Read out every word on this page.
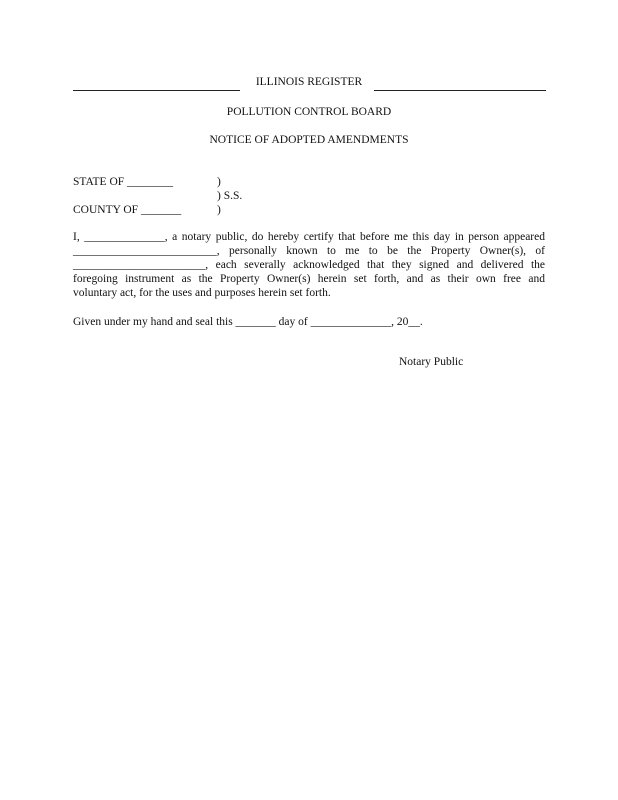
ILLINOIS REGISTER
POLLUTION CONTROL BOARD
NOTICE OF ADOPTED AMENDMENTS
STATE OF ________	)
) S.S.
COUNTY OF _______	)
I, ______________, a notary public, do hereby certify that before me this day in person appeared
_________________________, personally known to me to be the Property Owner(s), of
_______________________, each severally acknowledged that they signed and delivered the
foregoing instrument as the Property Owner(s) herein set forth, and as their own free and
voluntary act, for the uses and purposes herein set forth.
Given under my hand and seal this _______ day of ______________, 20__.
Notary Public
